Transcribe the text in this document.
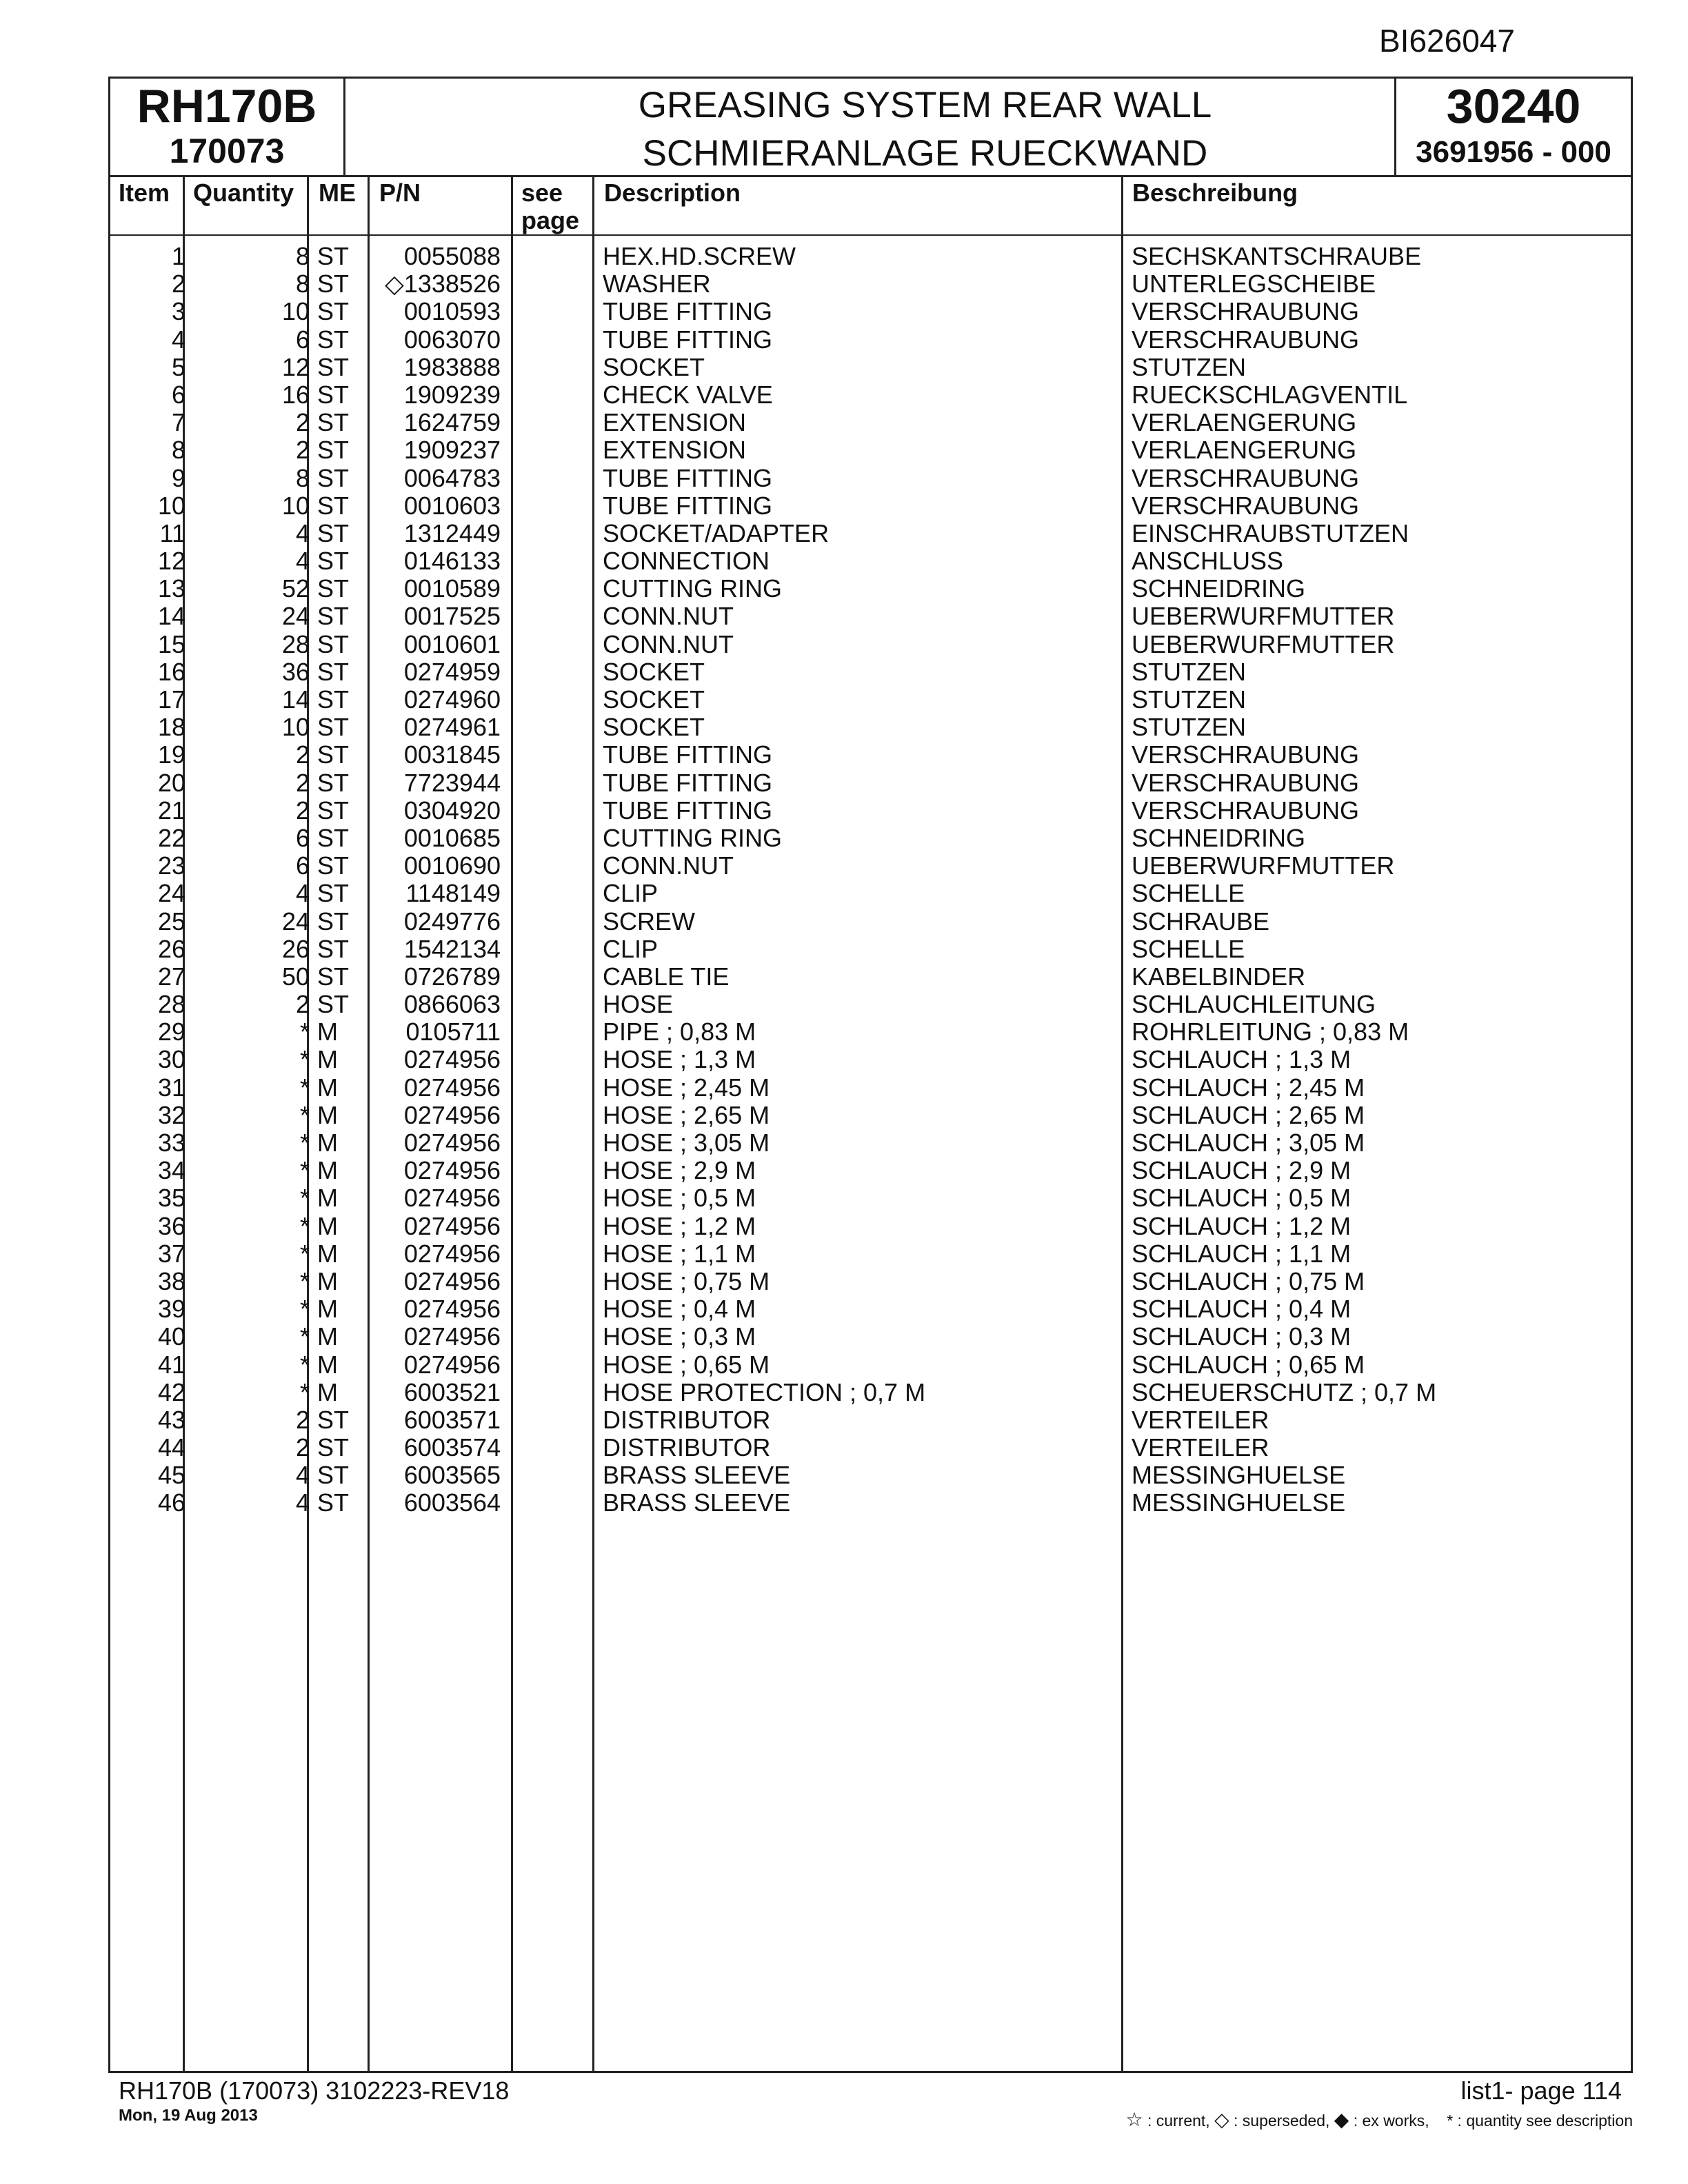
BI626047
RH170B
170073
GREASING SYSTEM REAR WALL
SCHMIERANLAGE RUECKWAND
30240
3691956 - 000
Item Quantity ME P/N	see
page
Description	Beschreibung
1	8 ST 0055088	HEX.HD.SCREW	SECHSKANTSCHRAUBE
2	8 ST ◇1338526	WASHER	UNTERLEGSCHEIBE
3	10 ST 0010593	TUBE FITTING	VERSCHRAUBUNG
4	6 ST 0063070	TUBE FITTING	VERSCHRAUBUNG
5	12 ST 1983888	SOCKET	STUTZEN
6	16 ST 1909239	CHECK VALVE	RUECKSCHLAGVENTIL
7	2 ST 1624759	EXTENSION	VERLAENGERUNG
8	2 ST 1909237	EXTENSION	VERLAENGERUNG
9	8 ST 0064783	TUBE FITTING	VERSCHRAUBUNG
10	10 ST 0010603	TUBE FITTING	VERSCHRAUBUNG
11	4 ST 1312449	SOCKET/ADAPTER	EINSCHRAUBSTUTZEN
12	4 ST 0146133	CONNECTION	ANSCHLUSS
13	52 ST 0010589	CUTTING RING	SCHNEIDRING
14	24 ST 0017525	CONN.NUT	UEBERWURFMUTTER
15	28 ST 0010601	CONN.NUT	UEBERWURFMUTTER
16	36 ST 0274959	SOCKET	STUTZEN
17	14 ST 0274960	SOCKET	STUTZEN
18	10 ST 0274961	SOCKET	STUTZEN
19	2 ST 0031845	TUBE FITTING	VERSCHRAUBUNG
20	2 ST 7723944	TUBE FITTING	VERSCHRAUBUNG
21	2 ST 0304920	TUBE FITTING	VERSCHRAUBUNG
22	6 ST 0010685	CUTTING RING	SCHNEIDRING
23	6 ST 0010690	CONN.NUT	UEBERWURFMUTTER
24	4 ST 1148149	CLIP	SCHELLE
25	24 ST 0249776	SCREW	SCHRAUBE
26	26 ST 1542134	CLIP	SCHELLE
27	50 ST 0726789	CABLE TIE	KABELBINDER
28	2 ST 0866063	HOSE	SCHLAUCHLEITUNG
29	* M	0105711	PIPE ; 0,83 M	ROHRLEITUNG ; 0,83 M
30	* M	0274956	HOSE ; 1,3 M	SCHLAUCH ; 1,3 M
31	* M	0274956	HOSE ; 2,45 M	SCHLAUCH ; 2,45 M
32	* M	0274956	HOSE ; 2,65 M	SCHLAUCH ; 2,65 M
33	* M	0274956	HOSE ; 3,05 M	SCHLAUCH ; 3,05 M
34	* M	0274956	HOSE ; 2,9 M	SCHLAUCH ; 2,9 M
35	* M	0274956	HOSE ; 0,5 M	SCHLAUCH ; 0,5 M
36	* M	0274956	HOSE ; 1,2 M	SCHLAUCH ; 1,2 M
37	* M	0274956	HOSE ; 1,1 M	SCHLAUCH ; 1,1 M
38	* M	0274956	HOSE ; 0,75 M	SCHLAUCH ; 0,75 M
39	* M	0274956	HOSE ; 0,4 M	SCHLAUCH ; 0,4 M
40	* M	0274956	HOSE ; 0,3 M	SCHLAUCH ; 0,3 M
41	* M	0274956	HOSE ; 0,65 M	SCHLAUCH ; 0,65 M
42	* M	6003521	HOSE PROTECTION ; 0,7 M	SCHEUERSCHUTZ ; 0,7 M
43	2 ST 6003571	DISTRIBUTOR	VERTEILER
44	2 ST 6003574	DISTRIBUTOR	VERTEILER
45	4 ST 6003565	BRASS SLEEVE	MESSINGHUELSE
46	4 ST 6003564	BRASS SLEEVE	MESSINGHUELSE
RH170B (170073) 3102223-REV18
Mon, 19 Aug 2013
list1- page 114
☆ : current, ◇ : superseded, ◆ : ex works, * : quantity see description
